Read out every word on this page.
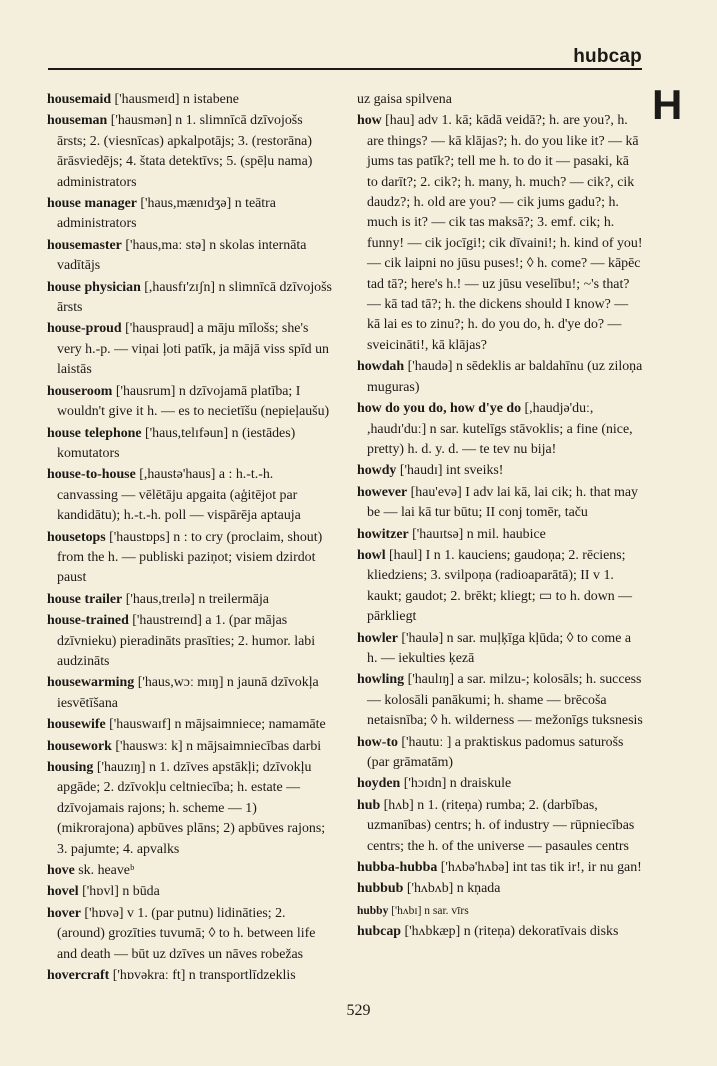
hubcap
H

housemaid ['hausmeɪd] n istabene

houseman ['hausmən] n 1. slimnīcā dzīvojošs ārsts; 2. (viesnīcas) apkalpotājs; 3. (restorāna) ārāsviedējs; 4. štata detektīvs; 5. (spēļu nama) administrators

house manager ['haus,mænɪdʒə] n teātra administrators

housemaster ['haus,maː stə] n skolas internāta vadītājs

house physician [,hausfɪ'zɪʃn] n slimnīcā dzīvojošs ārsts

house-proud ['hauspraud] a māju mīlošs; she's very h.-p. — viņai ļoti patīk, ja mājā viss spīd un laistās

houseroom ['hausrum] n dzīvojamā platība; I wouldn't give it h. — es to necietīšu (nepieļaušu)

house telephone ['haus,telɪfəun] n (iestādes) komutators

house-to-house [,haustə'haus] a : h.-t.-h. canvassing — vēlētāju apgaita (aģitējot par kandidātu); h.-t.-h. poll — vispārēja aptauja

housetops ['haustɒps] n : to cry (proclaim, shout) from the h. — publiski paziņot; visiem dzirdot paust

house trailer ['haus,treɪlə] n treilermāja

house-trained ['haustreɪnd] a 1. (par mājas dzīvnieku) pieradināts prasīties; 2. humor. labi audzināts

housewarming ['haus,wɔː mɪŋ] n jaunā dzīvokļa iesvētīšana

housewife ['hauswaɪf] n mājsaimniece; namamāte

housework ['hauswɜː k] n mājsaimniecības darbi

housing ['hauzɪŋ] n 1. dzīves apstākļi; dzīvokļu apgāde; 2. dzīvokļu celtniecība; h. estate — dzīvojamais rajons; h. scheme — 1) (mikrorajona) apbūves plāns; 2) apbūves rajons; 3. pajumte; 4. apvalks

hove sk. heaveᵇ

hovel ['hɒvl] n būda

hover ['hɒvə] v 1. (par putnu) lidināties; 2. (around) grozīties tuvumā; ◊ to h. between life and death — būt uz dzīves un nāves robežas

hovercraft ['hɒvəkraː ft] n transportlīdzeklis

uz gaisa spilvena

how [hau] adv 1. kā; kādā veidā?; h. are you?, h. are things? — kā klājas?; h. do you like it? — kā jums tas patīk?; tell me h. to do it — pasaki, kā to darīt?; 2. cik?; h. many, h. much? — cik?, cik daudz?; h. old are you? — cik jums gadu?; h. much is it? — cik tas maksā?; 3. emf. cik; h. funny! — cik jocīgi!; cik dīvaini!; h. kind of you! — cik laipni no jūsu puses!; ◊ h. come? — kāpēc tad tā?; here's h.! — uz jūsu veselību!; ~'s that? — kā tad tā?; h. the dickens should I know? — kā lai es to zinu?; h. do you do, h. d'ye do? — sveicināti!, kā klājas?

howdah ['haudə] n sēdeklis ar baldahīnu (uz ziloņa muguras)

how do you do, how d'ye do [,haudjə'duː, ,haudɪ'duː] n sar. kutelīgs stāvoklis; a fine (nice, pretty) h. d. y. d. — te tev nu bija!

howdy ['haudɪ] int sveiks!

however [hau'evə] I adv lai kā, lai cik; h. that may be — lai kā tur būtu; II conj tomēr, taču

howitzer ['hauɪtsə] n mil. haubice

howl [haul] I n 1. kauciens; gaudoņa; 2. rēciens; kliedziens; 3. svilpoņa (radioaparātā); II v 1. kaukt; gaudot; 2. brēkt; kliegt; ▭ to h. down — pārkliegt

howler ['haulə] n sar. muļķīga kļūda; ◊ to come a h. — iekulties ķezā

howling ['haulɪŋ] a sar. milzu-; kolosāls; h. success — kolosāli panākumi; h. shame — brēcoša netaisnība; ◊ h. wilderness — mežonīgs tuksnesis

how-to ['hautuː ] a praktiskus padomus saturošs (par grāmatām)

hoyden ['hɔɪdn] n draiskule

hub [hʌb] n 1. (riteņa) rumba; 2. (darbības, uzmanības) centrs; h. of industry — rūpniecības centrs; the h. of the universe — pasaules centrs

hubba-hubba ['hʌbə'hʌbə] int tas tik ir!, ir nu gan!

hubbub ['hʌbʌb] n kņada

hubby ['hʌbɪ] n sar. vīrs

hubcap ['hʌbkæp] n (riteņa) dekoratīvais disks

529
